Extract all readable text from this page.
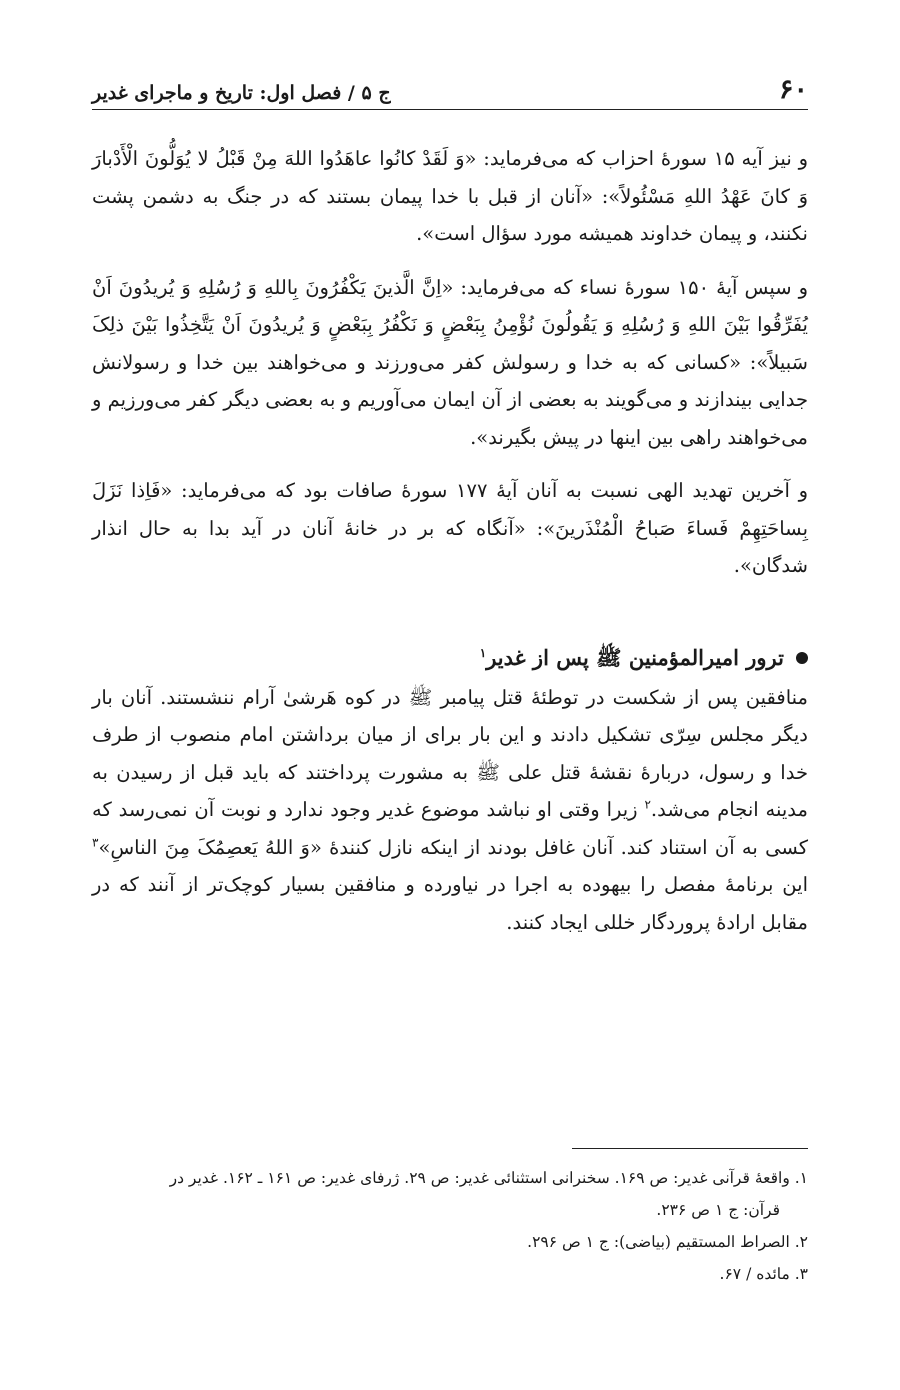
۶۰
ج ۵ / فصل اول: تاریخ و ماجرای غدیر

و نیز آیه ۱۵ سورهٔ احزاب که می‌فرماید: «وَ لَقَدْ کانُوا عاهَدُوا اللهَ مِنْ قَبْلُ لا یُوَلُّونَ الْأَدْبارَ وَ کانَ عَهْدُ اللهِ مَسْئُولاً»: «آنان از قبل با خدا پیمان بستند که در جنگ به دشمن پشت نکنند، و پیمان خداوند همیشه مورد سؤال است».

و سپس آیهٔ ۱۵۰ سورهٔ نساء که می‌فرماید: «اِنَّ الَّذینَ یَکْفُرُونَ بِاللهِ وَ رُسُلِهِ وَ یُریدُونَ اَنْ یُفَرِّقُوا بَیْنَ اللهِ وَ رُسُلِهِ وَ یَقُولُونَ نُؤْمِنُ بِبَعْضٍ وَ نَکْفُرُ بِبَعْضٍ وَ یُریدُونَ اَنْ یَتَّخِذُوا بَیْنَ ذلِکَ سَبیلاً»: «کسانی که به خدا و رسولش کفر می‌ورزند و می‌خواهند بین خدا و رسولانش جدایی بیندازند و می‌گویند به بعضی از آن ایمان می‌آوریم و به بعضی دیگر کفر می‌ورزیم و می‌خواهند راهی بین اینها در پیش بگیرند».

و آخرین تهدید الهی نسبت به آنان آیهٔ ۱۷۷ سورهٔ صافات بود که می‌فرماید: «فَاِذا نَزَلَ بِساحَتِهِمْ فَساءَ صَباحُ الْمُنْذَرینَ»: «آنگاه که بر در خانهٔ آنان در آید بدا به حال انذار شدگان».

ترور امیرالمؤمنین ﷺ پس از غدیر$^۱$

منافقین پس از شکست در توطئهٔ قتل پیامبر ﷺ در کوه هَرشیٰ آرام ننشستند. آنان بار دیگر مجلس سِرّی تشکیل دادند و این بار برای از میان برداشتن امام منصوب از طرف خدا و رسول، دربارهٔ نقشهٔ قتل علی ﷺ به مشورت پرداختند که باید قبل از رسیدن به مدینه انجام می‌شد.$^۲$ زیرا وقتی او نباشد موضوع غدیر وجود ندارد و نوبت آن نمی‌رسد که کسی به آن استناد کند. آنان غافل بودند از اینکه نازل کنندهٔ «وَ اللهُ یَعصِمُکَ مِنَ الناسِ»$^۳$ این برنامهٔ مفصل را بیهوده به اجرا در نیاورده و منافقین بسیار کوچک‌تر از آنند که در مقابل ارادهٔ پروردگار خللی ایجاد کنند.

۱. واقعهٔ قرآنی غدیر: ص ۱۶۹. سخنرانی استثنائی غدیر: ص ۲۹. ژرفای غدیر: ص ۱۶۱ ـ ۱۶۲. غدیر در
قرآن: ج ۱ ص ۲۳۶.

۲. الصراط المستقیم (بیاضی): ج ۱ ص ۲۹۶.

۳. مائده / ۶۷.
